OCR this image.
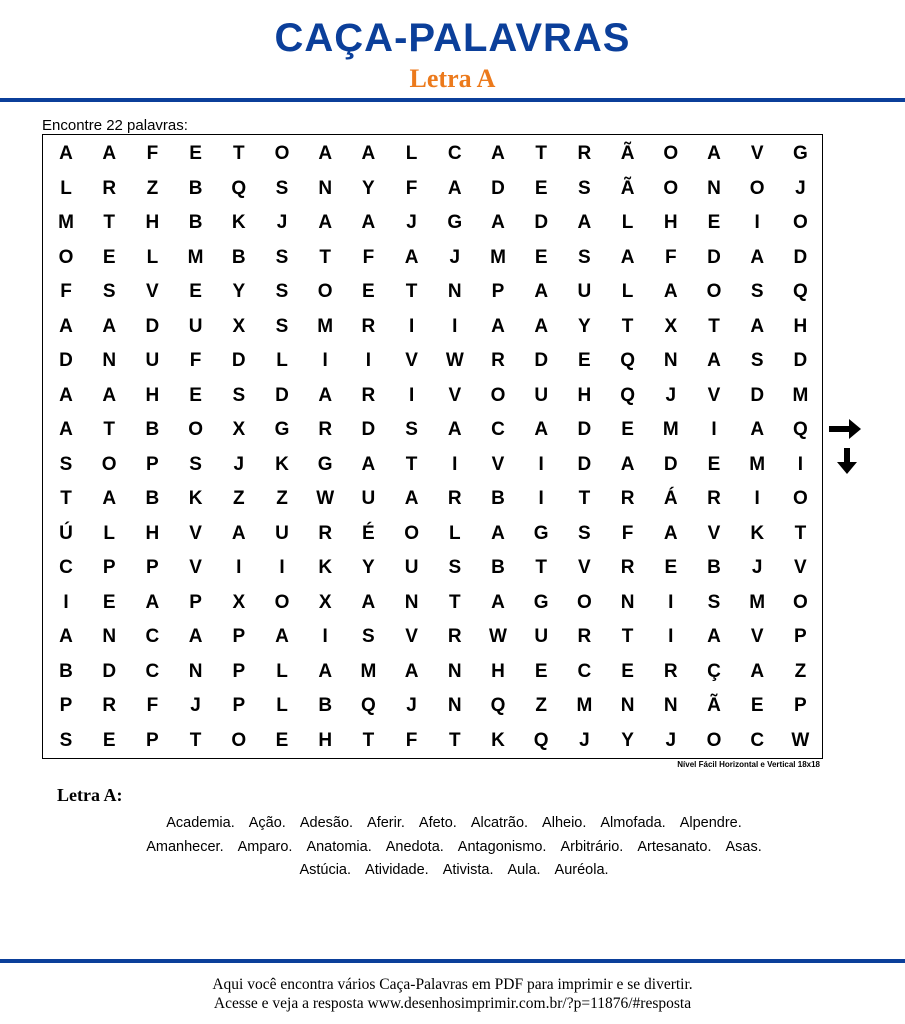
CAÇA-PALAVRAS
Letra A
Encontre 22 palavras:
A	A	F	E	T	O	A	A	L	C	A	T	R	Ã	O	A	V	G
L	R	Z	B	Q	S	N	Y	F	A	D	E	S	Ã	O	N	O	J
M	T	H	B	K	J	A	A	J	G	A	D	A	L	H	E	I	O
O	E	L	M	B	S	T	F	A	J	M	E	S	A	F	D	A	D
F	S	V	E	Y	S	O	E	T	N	P	A	U	L	A	O	S	Q
A	A	D	U	X	S	M	R	I	I	A	A	Y	T	X	T	A	H
D	N	U	F	D	L	I	I	V	W	R	D	E	Q	N	A	S	D
A	A	H	E	S	D	A	R	I	V	O	U	H	Q	J	V	D	M
A	T	B	O	X	G	R	D	S	A	C	A	D	E	M	I	A	Q
S	O	P	S	J	K	G	A	T	I	V	I	D	A	D	E	M	I
T	A	B	K	Z	Z	W	U	A	R	B	I	T	R	Á	R	I	O
Ú	L	H	V	A	U	R	É	O	L	A	G	S	F	A	V	K	T
C	P	P	V	I	I	K	Y	U	S	B	T	V	R	E	B	J	V
I	E	A	P	X	O	X	A	N	T	A	G	O	N	I	S	M	O
A	N	C	A	P	A	I	S	V	R	W	U	R	T	I	A	V	P
B	D	C	N	P	L	A	M	A	N	H	E	C	E	R	Ç	A	Z
P	R	F	J	P	L	B	Q	J	N	Q	Z	M	N	N	Ã	E	P
S	E	P	T	O	E	H	T	F	T	K	Q	J	Y	J	O	C	W
Nível Fácil Horizontal e Vertical 18x18
Letra A:
Academia. Ação. Adesão. Aferir. Afeto. Alcatrão. Alheio. Almofada. Alpendre.
Amanhecer. Amparo. Anatomia. Anedota. Antagonismo. Arbitrário. Artesanato. Asas.
Astúcia. Atividade. Ativista. Aula. Auréola.
Aqui você encontra vários Caça-Palavras em PDF para imprimir e se divertir.
Acesse e veja a resposta www.desenhosimprimir.com.br/?p=11876/#resposta
